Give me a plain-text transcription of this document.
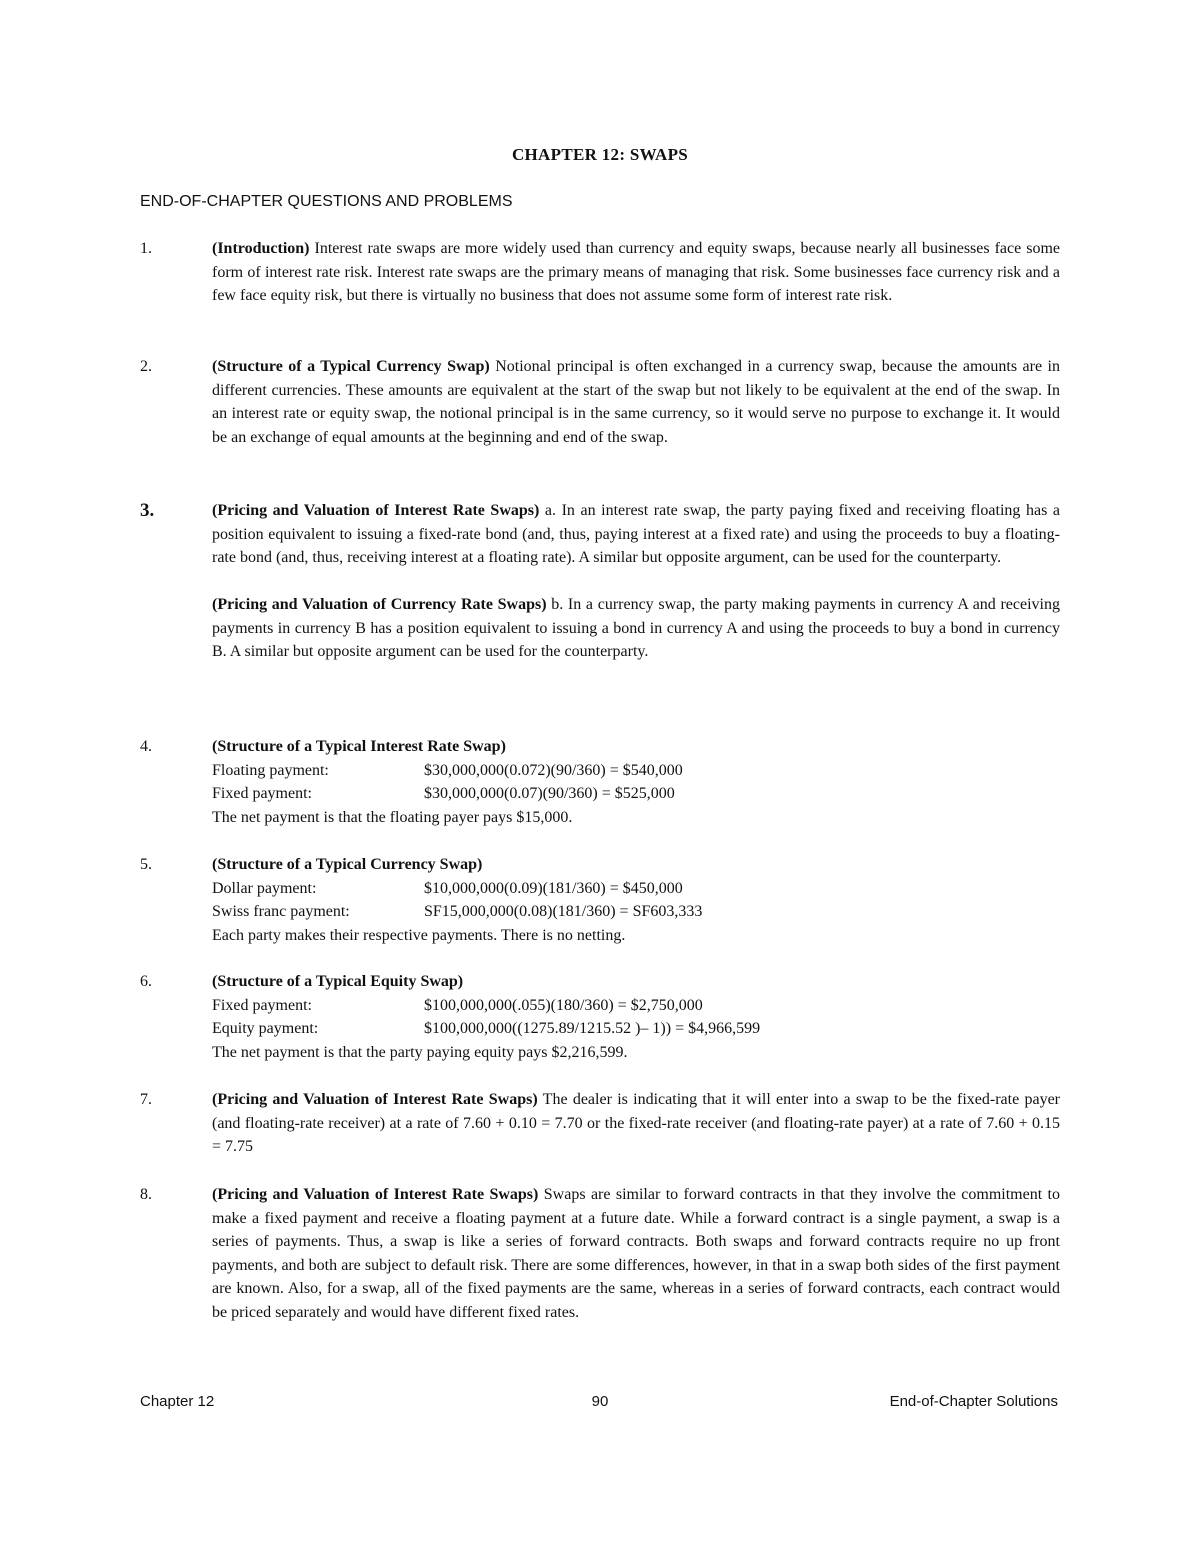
CHAPTER 12: SWAPS
END-OF-CHAPTER QUESTIONS AND PROBLEMS
1.	(Introduction) Interest rate swaps are more widely used than currency and equity swaps, because nearly all businesses face some form of interest rate risk. Interest rate swaps are the primary means of managing that risk. Some businesses face currency risk and a few face equity risk, but there is virtually no business that does not assume some form of interest rate risk.

2.	(Structure of a Typical Currency Swap) Notional principal is often exchanged in a currency swap, because the amounts are in different currencies. These amounts are equivalent at the start of the swap but not likely to be equivalent at the end of the swap. In an interest rate or equity swap, the notional principal is in the same currency, so it would serve no purpose to exchange it. It would be an exchange of equal amounts at the beginning and end of the swap.

3.	(Pricing and Valuation of Interest Rate Swaps) a. In an interest rate swap, the party paying fixed and receiving floating has a position equivalent to issuing a fixed-rate bond (and, thus, paying interest at a fixed rate) and using the proceeds to buy a floating-rate bond (and, thus, receiving interest at a floating rate). A similar but opposite argument, can be used for the counterparty.

(Pricing and Valuation of Currency Rate Swaps) b. In a currency swap, the party making payments in currency A and receiving payments in currency B has a position equivalent to issuing a bond in currency A and using the proceeds to buy a bond in currency B. A similar but opposite argument can be used for the counterparty.

4.	(Structure of a Typical Interest Rate Swap)
Floating payment:	$30,000,000(0.072)(90/360) = $540,000
Fixed payment:	$30,000,000(0.07)(90/360) = $525,000
The net payment is that the floating payer pays $15,000.
5.	(Structure of a Typical Currency Swap)
Dollar payment:	$10,000,000(0.09)(181/360) = $450,000
Swiss franc payment:	SF15,000,000(0.08)(181/360) = SF603,333
Each party makes their respective payments. There is no netting.
6.	(Structure of a Typical Equity Swap)
Fixed payment:	$100,000,000(.055)(180/360) = $2,750,000
Equity payment:	$100,000,000((1275.89/1215.52 )– 1)) = $4,966,599
The net payment is that the party paying equity pays $2,216,599.
7.	(Pricing and Valuation of Interest Rate Swaps) The dealer is indicating that it will enter into a swap to be the fixed-rate payer (and floating-rate receiver) at a rate of 7.60 + 0.10 = 7.70 or the fixed-rate receiver (and floating-rate payer) at a rate of 7.60 + 0.15 = 7.75

8.	(Pricing and Valuation of Interest Rate Swaps) Swaps are similar to forward contracts in that they involve the commitment to make a fixed payment and receive a floating payment at a future date. While a forward contract is a single payment, a swap is a series of payments. Thus, a swap is like a series of forward contracts. Both swaps and forward contracts require no up front payments, and both are subject to default risk. There are some differences, however, in that in a swap both sides of the first payment are known. Also, for a swap, all of the fixed payments are the same, whereas in a series of forward contracts, each contract would be priced separately and would have different fixed rates.

Chapter 12	90	End-of-Chapter Solutions
